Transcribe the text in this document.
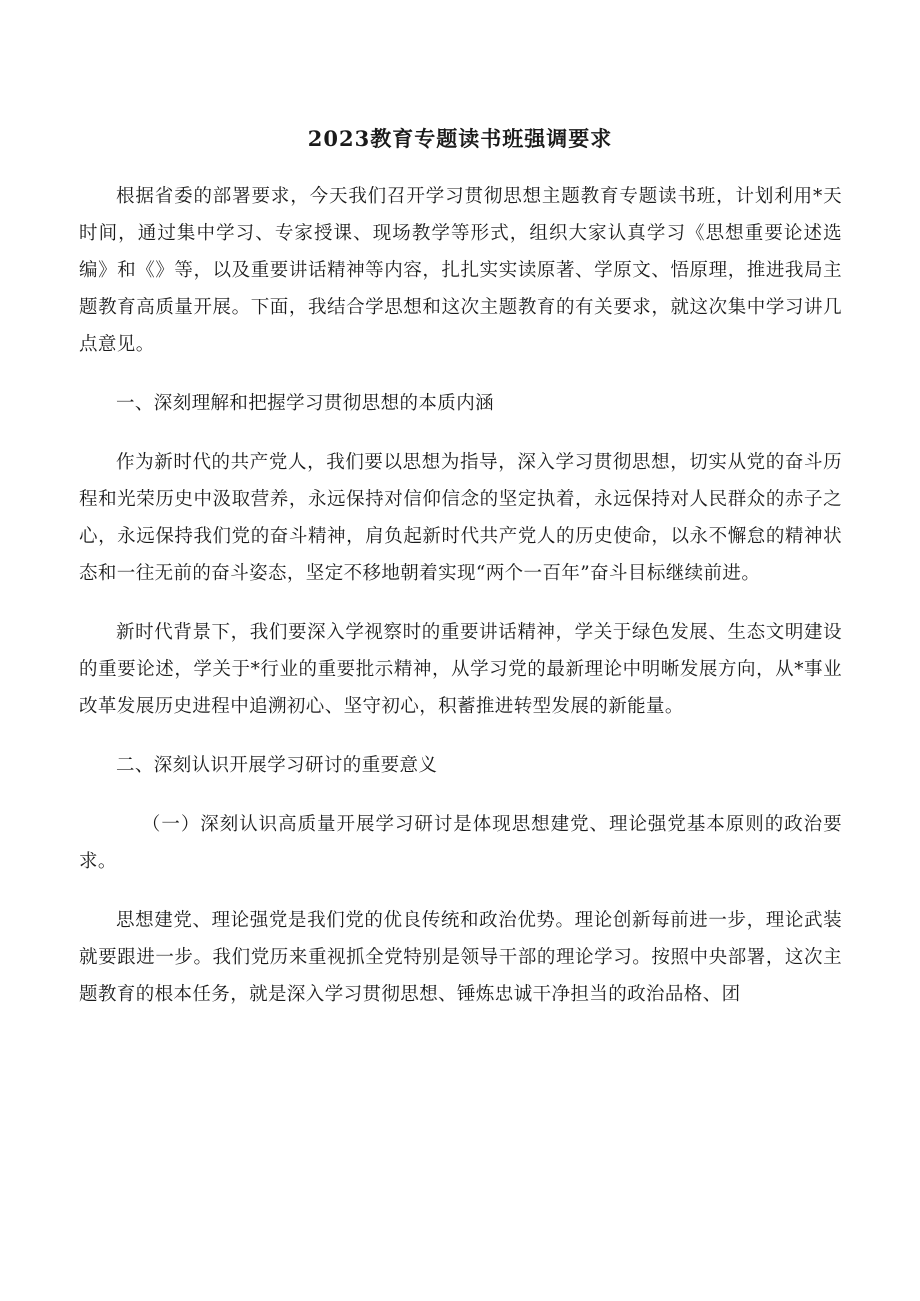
2023教育专题读书班强调要求

根据省委的部署要求，今天我们召开学习贯彻思想主题教育专题读书班，计划利用*天时间，通过集中学习、专家授课、现场教学等形式，组织大家认真学习《思想重要论述选编》和《》等，以及重要讲话精神等内容，扎扎实实读原著、学原文、悟原理，推进我局主题教育高质量开展。下面，我结合学思想和这次主题教育的有关要求，就这次集中学习讲几点意见。

一、深刻理解和把握学习贯彻思想的本质内涵

作为新时代的共产党人，我们要以思想为指导，深入学习贯彻思想，切实从党的奋斗历程和光荣历史中汲取营养，永远保持对信仰信念的坚定执着，永远保持对人民群众的赤子之心，永远保持我们党的奋斗精神，肩负起新时代共产党人的历史使命，以永不懈怠的精神状态和一往无前的奋斗姿态，坚定不移地朝着实现“两个一百年”奋斗目标继续前进。

新时代背景下，我们要深入学视察时的重要讲话精神，学关于绿色发展、生态文明建设的重要论述，学关于*行业的重要批示精神，从学习党的最新理论中明晰发展方向，从*事业改革发展历史进程中追溯初心、坚守初心，积蓄推进转型发展的新能量。

二、深刻认识开展学习研讨的重要意义

（一）深刻认识高质量开展学习研讨是体现思想建党、理论强党基本原则的政治要求。

思想建党、理论强党是我们党的优良传统和政治优势。理论创新每前进一步，理论武装就要跟进一步。我们党历来重视抓全党特别是领导干部的理论学习。按照中央部署，这次主题教育的根本任务，就是深入学习贯彻思想、锤炼忠诚干净担当的政治品格、团
